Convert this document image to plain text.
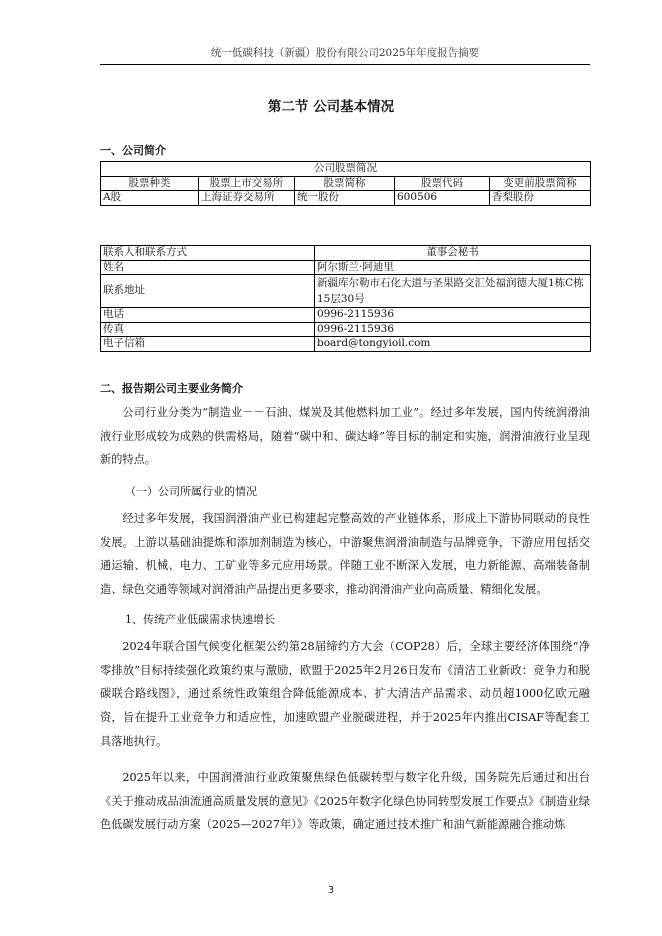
统一低碳科技（新疆）股份有限公司2025年年度报告摘要
第二节 公司基本情况
一、公司简介
公司股票简况				
股票种类	股票上市交易所	股票简称	股票代码	变更前股票简称
A股	上海证券交易所	统一股份	600506	香梨股份
联系人和联系方式	董事会秘书
姓名	阿尔斯兰·阿迪里
联系地址	新疆库尔勒市石化大道与圣果路交汇处福润德大厦1栋C栋15层30号
电话	0996-2115936
传真	0996-2115936
电子信箱	board@tongyioil.com
二、报告期公司主要业务简介

公司行业分类为“制造业－－石油、煤炭及其他燃料加工业”。经过多年发展，国内传统润滑油液行业形成较为成熟的供需格局，随着“碳中和、碳达峰”等目标的制定和实施，润滑油液行业呈现新的特点。

（一）公司所属行业的情况

经过多年发展，我国润滑油产业已构建起完整高效的产业链体系，形成上下游协同联动的良性发展。上游以基础油提炼和添加剂制造为核心，中游聚焦润滑油制造与品牌竞争，下游应用包括交通运输、机械、电力、工矿业等多元应用场景。伴随工业不断深入发展，电力新能源、高端装备制造、绿色交通等领域对润滑油产品提出更多要求，推动润滑油产业向高质量、精细化发展。

1、传统产业低碳需求快速增长

2024年联合国气候变化框架公约第28届缔约方大会（COP28）后，全球主要经济体围绕“净零排放”目标持续强化政策约束与激励，欧盟于2025年2月26日发布《清洁工业新政：竞争力和脱碳联合路线图》，通过系统性政策组合降低能源成本、扩大清洁产品需求、动员超1000亿欧元融资，旨在提升工业竞争力和适应性，加速欧盟产业脱碳进程，并于2025年内推出CISAF等配套工具落地执行。

2025年以来，中国润滑油行业政策聚焦绿色低碳转型与数字化升级，国务院先后通过和出台《关于推动成品油流通高质量发展的意见》《2025年数字化绿色协同转型发展工作要点》《制造业绿色低碳发展行动方案（2025—2027年）》等政策，确定通过技术推广和油气新能源融合推动炼

3
